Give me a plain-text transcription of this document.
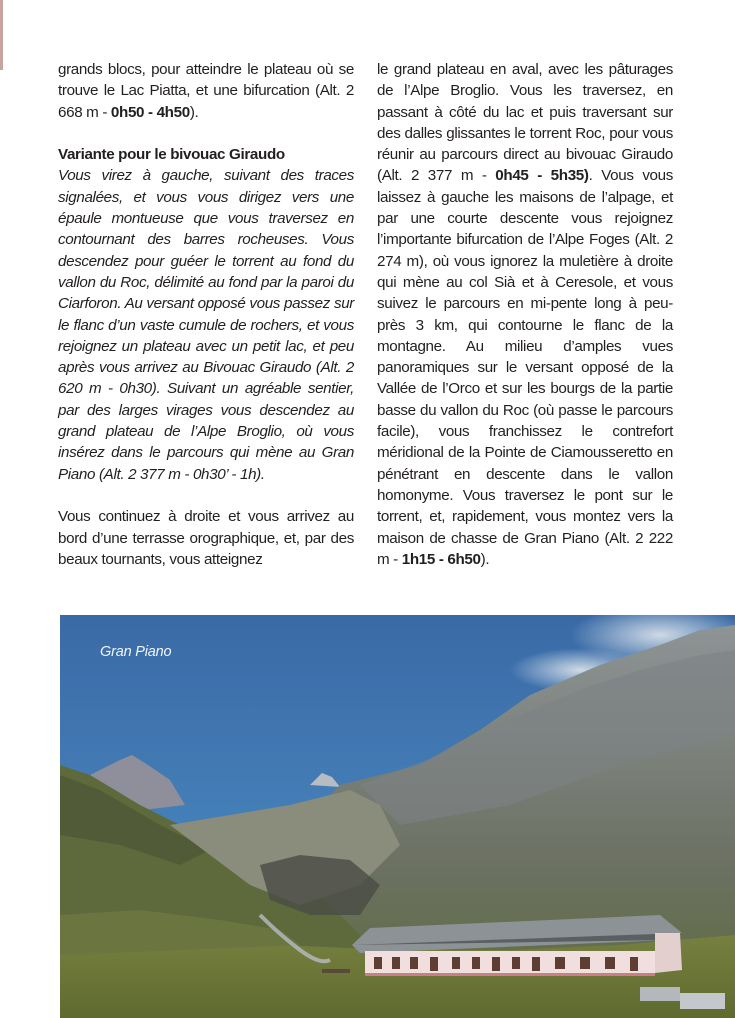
grands blocs, pour atteindre le plateau où se trouve le Lac Piatta, et une bifurcation (Alt. 2 668 m - 0h50 - 4h50).

Variante pour le bivouac Giraudo

Vous virez à gauche, suivant des traces signalées, et vous vous dirigez vers une épaule montueuse que vous traversez en contournant des barres rocheuses. Vous descendez pour guéer le torrent au fond du vallon du Roc, délimité au fond par la paroi du Ciarforon. Au versant opposé vous passez sur le flanc d’un vaste cumule de rochers, et vous rejoignez un plateau avec un petit lac, et peu après vous arrivez au Bivouac Giraudo (Alt. 2 620 m - 0h30). Suivant un agréable sentier, par des larges virages vous descendez au grand plateau de l’Alpe Broglio, où vous insérez dans le parcours qui mène au Gran Piano (Alt. 2 377 m - 0h30’ - 1h).

Vous continuez à droite et vous arrivez au bord d’une terrasse orographique, et, par des beaux tournants, vous atteignez

le grand plateau en aval, avec les pâturages de l’Alpe Broglio. Vous les traversez, en passant à côté du lac et puis traversant sur des dalles glissantes le torrent Roc, pour vous réunir au parcours direct au bivouac Giraudo (Alt. 2 377 m - 0h45 - 5h35). Vous vous laissez à gauche les maisons de l’alpage, et par une courte descente vous rejoignez l’importante bifurcation de l’Alpe Foges (Alt. 2 274 m), où vous ignorez la muletière à droite qui mène au col Sià et à Ceresole, et vous suivez le parcours en mi-pente long à peu-près 3 km, qui contourne le flanc de la montagne. Au milieu d’amples vues panoramiques sur le versant opposé de la Vallée de l’Orco et sur les bourgs de la partie basse du vallon du Roc (où passe le parcours facile), vous franchissez le contrefort méridional de la Pointe de Ciamousseretto en pénétrant en descente dans le vallon homonyme. Vous traversez le pont sur le torrent, et, rapidement, vous montez vers la maison de chasse de Gran Piano (Alt. 2 222 m - 1h15 - 6h50).

Gran Piano
